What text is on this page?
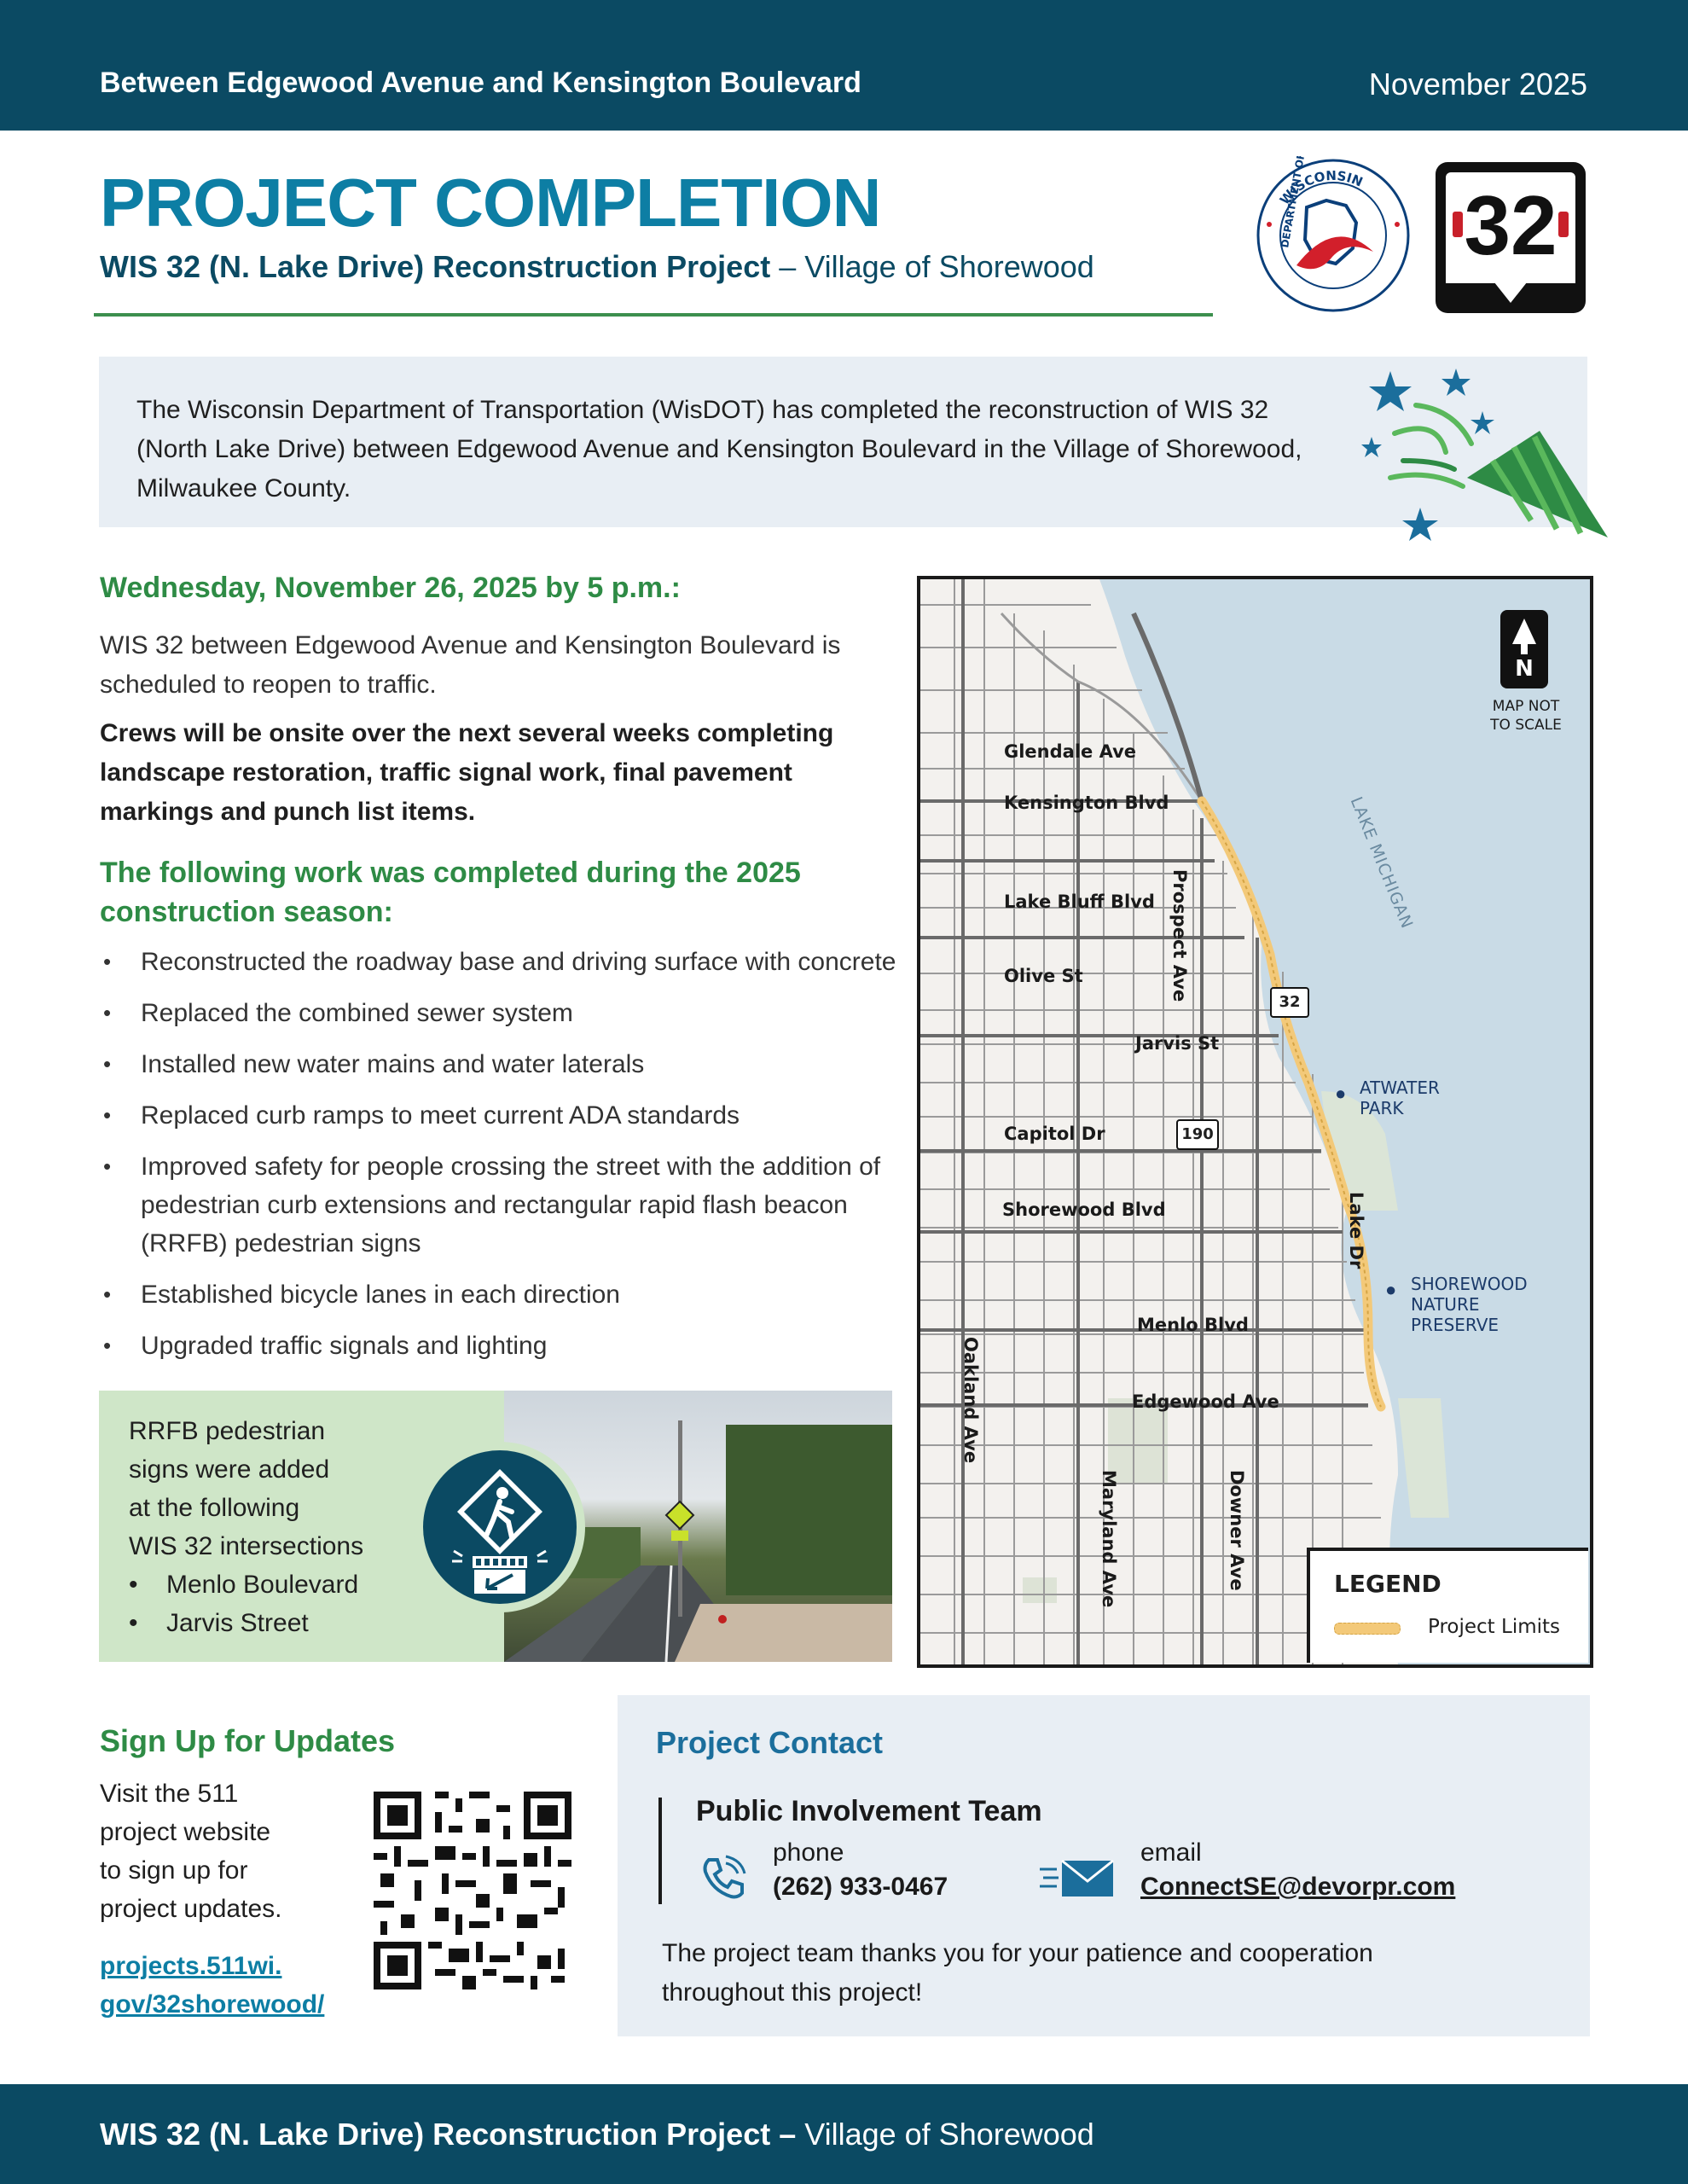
Between Edgewood Avenue and Kensington Boulevard	November 2025
PROJECT COMPLETION
WIS 32 (N. Lake Drive) Reconstruction Project – Village of Shorewood
WISCONSIN	32

The Wisconsin Department of Transportation (WisDOT) has completed the reconstruction of WIS 32 (North Lake Drive) between Edgewood Avenue and Kensington Boulevard in the Village of Shorewood, Milwaukee County.

Wednesday, November 26, 2025 by 5 p.m.:
WIS 32 between Edgewood Avenue and Kensington Boulevard is scheduled to reopen to traffic.
Crews will be onsite over the next several weeks completing landscape restoration, traffic signal work, final pavement markings and punch list items.
The following work was completed during the 2025 construction season:
• Reconstructed the roadway base and driving surface with concrete
• Replaced the combined sewer system
• Installed new water mains and water laterals
• Replaced curb ramps to meet current ADA standards
• Improved safety for people crossing the street with the addition of pedestrian curb extensions and rectangular rapid flash beacon (RRFB) pedestrian signs
• Established bicycle lanes in each direction
• Upgraded traffic signals and lighting
RRFB pedestrian
signs were added
at the following
WIS 32 intersections
• Menlo Boulevard
• Jarvis Street
N
MAP NOT
TO SCALE
LAKE MICHIGAN
Glendale Ave
Kensington Blvd
Lake Bluff Blvd
Olive St
Jarvis St
Capitol Dr
Shorewood Blvd
Menlo Blvd
Edgewood Ave
Prospect Ave
Lake Dr
Oakland Ave
Maryland Ave	Downer Ave
32
190
● ATWATER
PARK
● SHOREWOOD
NATURE
PRESERVE
LEGEND
Project Limits
Sign Up for Updates
Visit the 511
project website
to sign up for
project updates.
projects.511wi.
gov/32shorewood/
Project Contact
Public Involvement Team
phone
(262) 933-0467
email
ConnectSE@devorpr.com
The project team thanks you for your patience and cooperation
throughout this project!
WIS 32 (N. Lake Drive) Reconstruction Project – Village of Shorewood
